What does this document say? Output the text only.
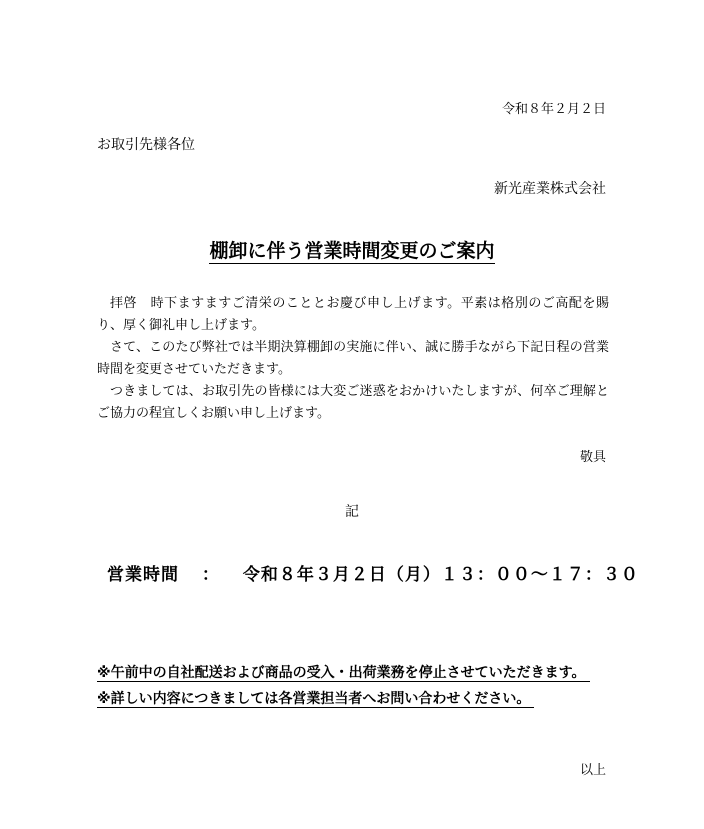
令和８年２月２日
お取引先様各位
新光産業株式会社
棚卸に伴う営業時間変更のご案内

拝啓　時下ますますご清栄のこととお慶び申し上げます。平素は格別のご高配を賜り、厚く御礼申し上げます。

さて、このたび弊社では半期決算棚卸の実施に伴い、誠に勝手ながら下記日程の営業時間を変更させていただきます。

つきましては、お取引先の皆様には大変ご迷惑をおかけいたしますが、何卒ご理解とご協力の程宜しくお願い申し上げます。

敬具
記
営業時間 ： 令和８年３月２日（月）１３：００～１７：３０
※午前中の自社配送および商品の受入・出荷業務を停止させていただきます。
※詳しい内容につきましては各営業担当者へお問い合わせください。
以上
